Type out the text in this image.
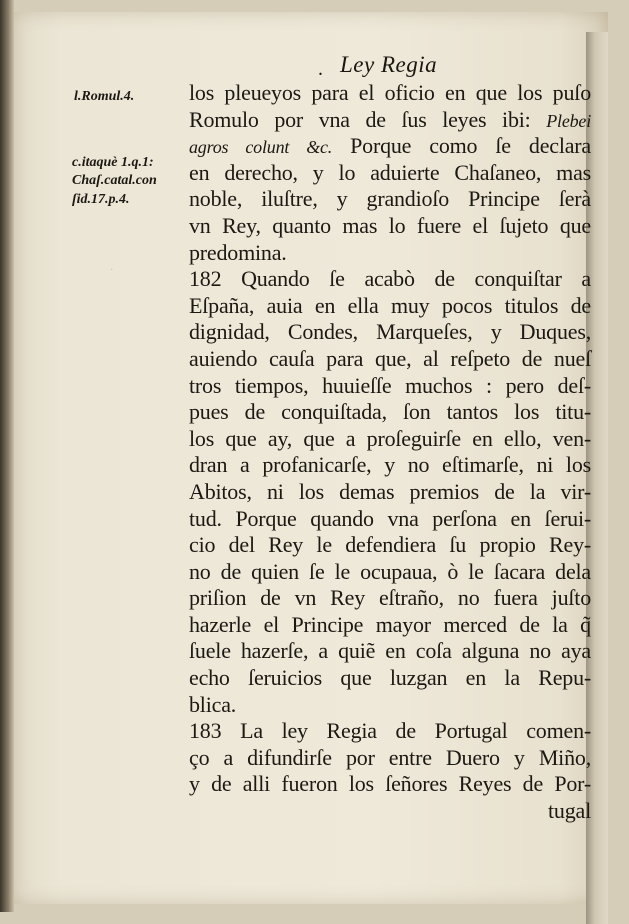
·
. Ley Regia
l.Romul.4.
c.itaquè 1.q.1:
Chaſ.catal.con
ſid.17.p.4.
los pleueyos para el oficio en que los puſo
Romulo por vna de ſus leyes ibi: Plebei
agros colunt &c. Porque como ſe declara
en derecho, y lo aduierte Chaſaneo, mas
noble, iluſtre, y grandioſo Principe ſerà
vn Rey, quanto mas lo fuere el ſujeto que
predomina.
182 Quando ſe acabò de conquiſtar a
Eſpaña, auia en ella muy pocos titulos de
dignidad, Condes, Marqueſes, y Duques,
auiendo cauſa para que, al reſpeto de nueſ
tros tiempos, huuieſſe muchos : pero deſ-
pues de conquiſtada, ſon tantos los titu-
los que ay, que a proſeguirſe en ello, ven-
dran a profanicarſe, y no eſtimarſe, ni los
Abitos, ni los demas premios de la vir-
tud. Porque quando vna perſona en ſerui-
cio del Rey le defendiera ſu propio Rey-
no de quien ſe le ocupaua, ò le ſacara dela
priſion de vn Rey eſtraño, no fuera juſto
hazerle el Principe mayor merced de la q̃
ſuele hazerſe, a quiẽ en coſa alguna no aya
echo ſeruicios que luzgan en la Repu-
blica.
183 La ley Regia de Portugal comen-
ço a difundirſe por entre Duero y Miño,
y de alli fueron los ſeñores Reyes de Por-
tugal
